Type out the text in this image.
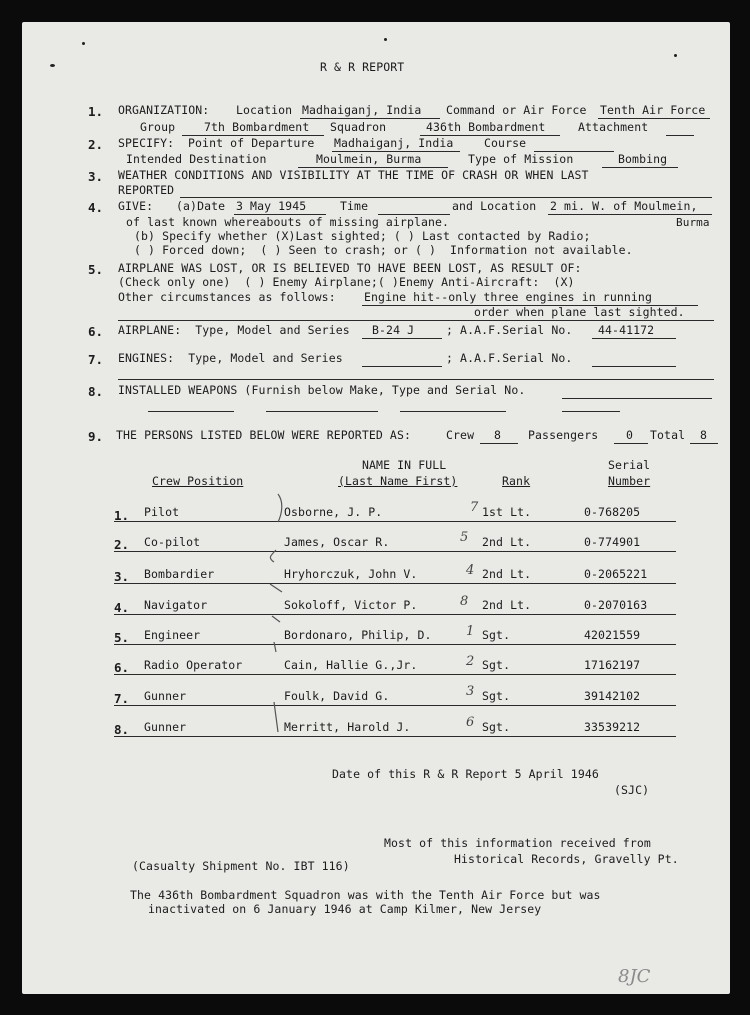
R & R REPORT
1. ORGANIZATION: Location Madhaiganj, India Command or Air Force Tenth Air Force
Group	7th Bombardment Squadron	436th Bombardment	Attachment
2. SPECIFY: Point of Departure Madhaiganj, India	Course
Intended Destination	Moulmein, Burma	Type of Mission	Bombing
3. WEATHER CONDITIONS AND VISIBILITY AT THE TIME OF CRASH OR WHEN LAST
REPORTED
4. GIVE: (a)Date 3 May 1945	Time	and Location 2 mi. W. of Moulmein,
of last known whereabouts of missing airplane.	Burma
(b) Specify whether (X)Last sighted; ( ) Last contacted by Radio;
( ) Forced down;  ( ) Seen to crash; or ( )  Information not available.
5. AIRPLANE WAS LOST, OR IS BELIEVED TO HAVE BEEN LOST, AS RESULT OF:
(Check only one)  ( ) Enemy Airplane;( )Enemy Anti-Aircraft:  (X)
Other circumstances as follows: Engine hit--only three engines in running
order when plane last sighted.
6. AIRPLANE:  Type, Model and Series B-24 J	; A.A.F.Serial No. 44-41172
7. ENGINES:  Type, Model and Series	; A.A.F.Serial No.
8. INSTALLED WEAPONS (Furnish below Make, Type and Serial No.
9. THE PERSONS LISTED BELOW WERE REPORTED AS:	Crew 8 Passengers 0 Total 8
NAME IN FULL	Serial
Crew Position	(Last Name First)	Rank	Number
1. Pilot	Osborne, J. P.	7 1st Lt.	0-768205
2. Co-pilot	James, Oscar R.	5 2nd Lt.	0-774901
3. Bombardier	Hryhorczuk, John V.	4 2nd Lt.	0-2065221
4. Navigator	Sokoloff, Victor P.	8 2nd Lt.	0-2070163
5. Engineer	Bordonaro, Philip, D.	1 Sgt.	42021559
6. Radio Operator	Cain, Hallie G.,Jr.	2 Sgt.	17162197
7. Gunner	Foulk, David G.	3 Sgt.	39142102
8. Gunner	Merritt, Harold J.	6 Sgt.	33539212
Date of this R & R Report 5 April 1946
(SJC)
Most of this information received from
Historical Records, Gravelly Pt.
(Casualty Shipment No. IBT 116)
The 436th Bombardment Squadron was with the Tenth Air Force but was
inactivated on 6 January 1946 at Camp Kilmer, New Jersey
8JC
